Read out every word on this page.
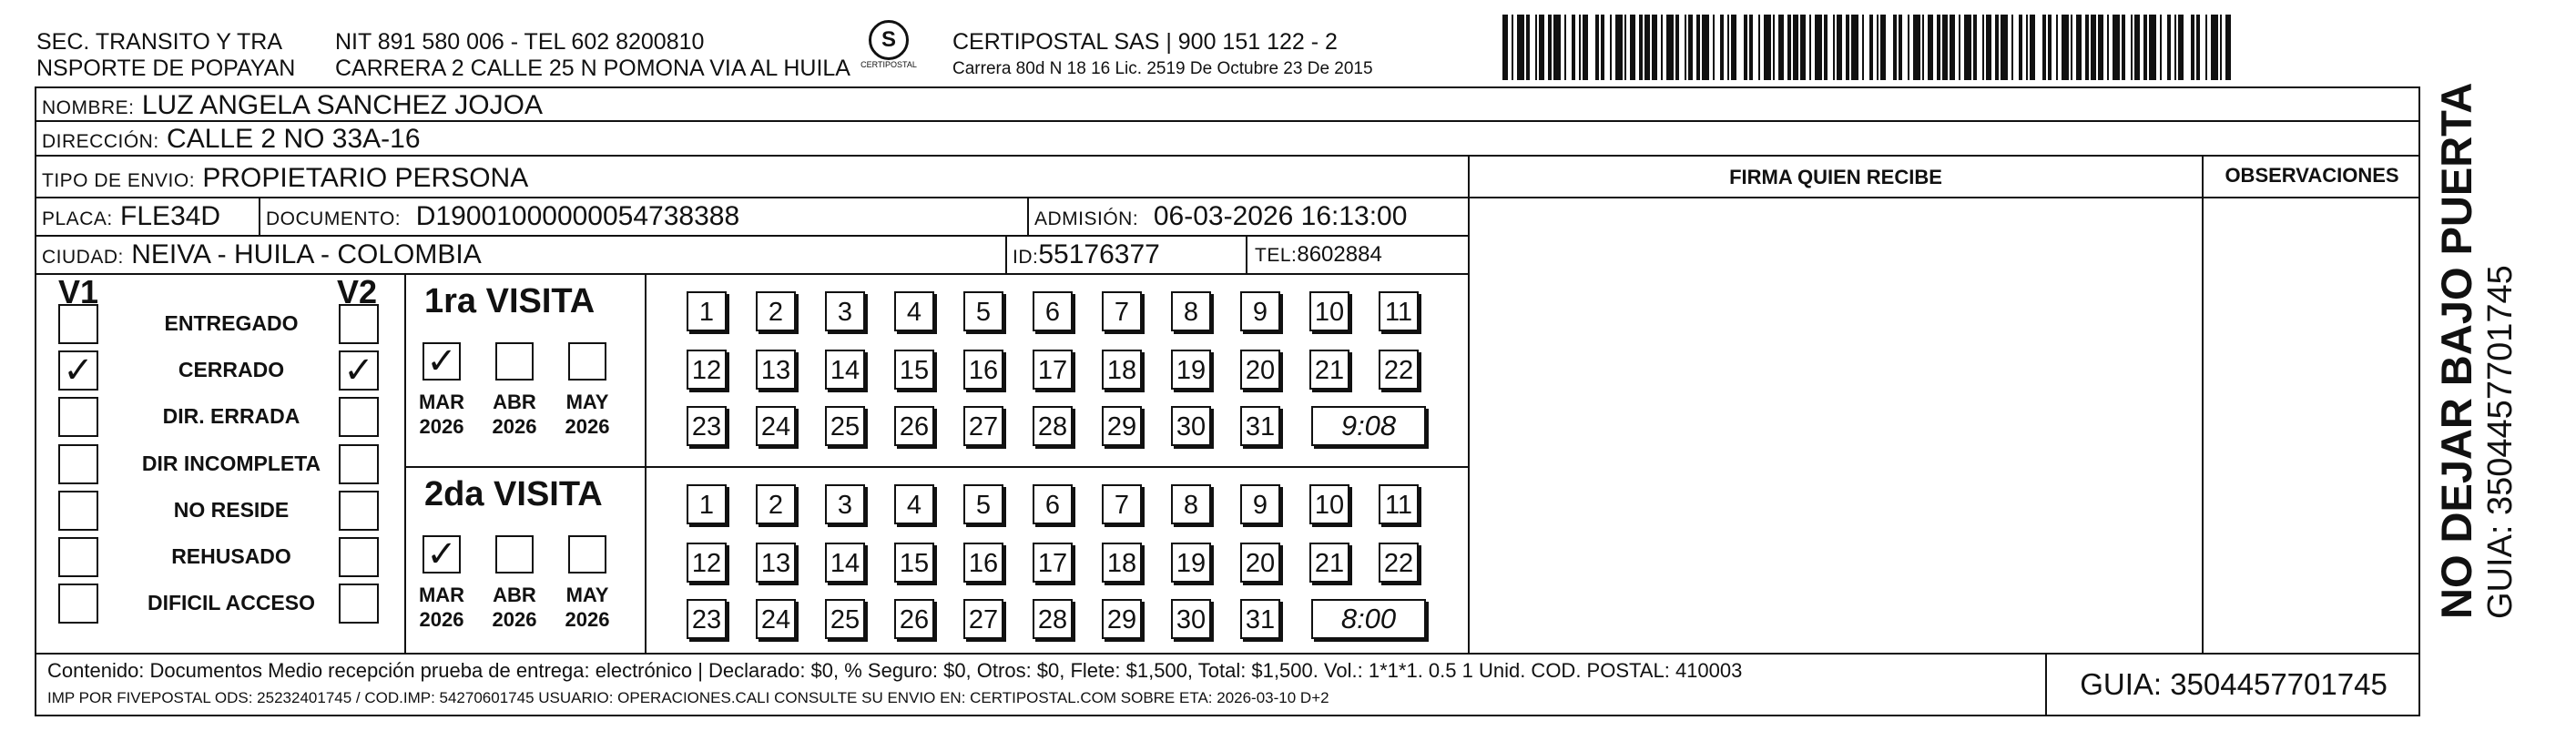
SEC. TRANSITO Y TRA
NSPORTE DE POPAYAN
NIT 891 580 006 - TEL 602 8200810
CARRERA 2 CALLE 25 N POMONA VIA AL HUILA
S
CERTIPOSTAL
CERTIPOSTAL SAS | 900 151 122 - 2
Carrera 80d N 18 16 Lic. 2519 De Octubre 23 De 2015
NOMBRE: LUZ ANGELA SANCHEZ JOJOA
DIRECCIÓN: CALLE 2 NO 33A-16
TIPO DE ENVIO: PROPIETARIO PERSONA
PLACA: FLE34D DOCUMENTO: D19001000000054738388	ADMISIÓN: 06-03-2026 16:13:00
CIUDAD: NEIVA - HUILA - COLOMBIA	ID:55176377	TEL:8602884
FIRMA QUIEN RECIBE	OBSERVACIONES
V1	V2
ENTREGADO
✓	CERRADO	✓
DIR. ERRADA
DIR INCOMPLETA
NO RESIDE
REHUSADO
DIFICIL ACCESO
1ra VISITA
✓
MAR
2026
ABR
2026
MAY
2026
1	2	3	4	5	6	7	8	9	10 11
12 13 14 15 16 17 18 19 20 21 22
23 24 25 26 27 28 29 30 31	9:08
2da VISITA
✓
MAR
2026
ABR
2026
MAY
2026
1	2	3	4	5	6	7	8	9	10 11
12 13 14 15 16 17 18 19 20 21 22
23 24 25 26 27 28 29 30 31	8:00
Contenido: Documentos Medio recepción prueba de entrega: electrónico | Declarado: $0, % Seguro: $0, Otros: $0, Flete: $1,500, Total: $1,500. Vol.: 1*1*1. 0.5 1 Unid. COD. POSTAL: 410003
IMP POR FIVEPOSTAL ODS: 25232401745 / COD.IMP: 54270601745 USUARIO: OPERACIONES.CALI CONSULTE SU ENVIO EN: CERTIPOSTAL.COM SOBRE ETA: 2026-03-10 D+2	GUIA: 3504457701745
NO DEJAR BAJO PUERTA GUIA: 3504457701745
